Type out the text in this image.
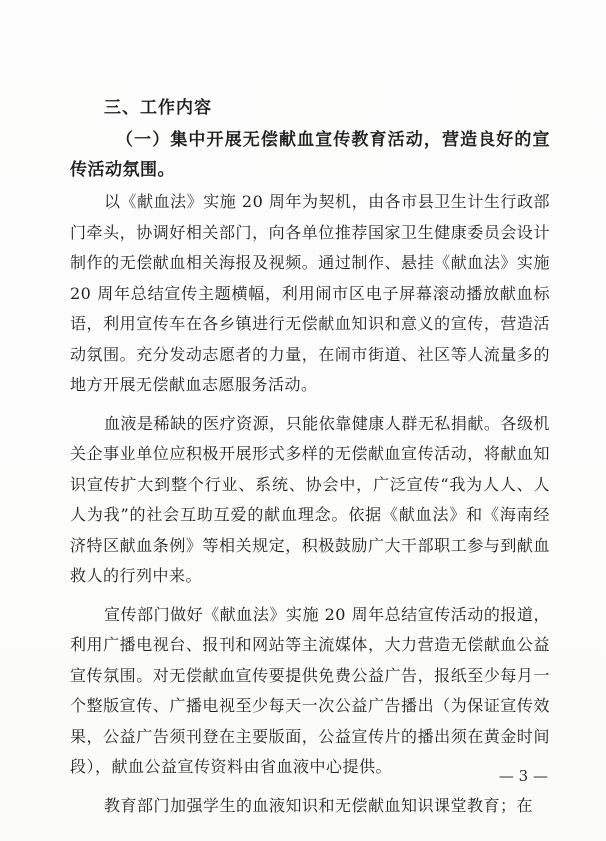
三、工作内容

（一）集中开展无偿献血宣传教育活动，营造良好的宣传活动氛围。

以《献血法》实施 20 周年为契机，由各市县卫生计生行政部门牵头，协调好相关部门，向各单位推荐国家卫生健康委员会设计制作的无偿献血相关海报及视频。通过制作、悬挂《献血法》实施 20 周年总结宣传主题横幅，利用闹市区电子屏幕滚动播放献血标语，利用宣传车在各乡镇进行无偿献血知识和意义的宣传，营造活动氛围。充分发动志愿者的力量，在闹市街道、社区等人流量多的地方开展无偿献血志愿服务活动。

血液是稀缺的医疗资源，只能依靠健康人群无私捐献。各级机关企事业单位应积极开展形式多样的无偿献血宣传活动，将献血知识宣传扩大到整个行业、系统、协会中，广泛宣传“我为人人、人人为我”的社会互助互爱的献血理念。依据《献血法》和《海南经济特区献血条例》等相关规定，积极鼓励广大干部职工参与到献血救人的行列中来。

宣传部门做好《献血法》实施 20 周年总结宣传活动的报道，利用广播电视台、报刊和网站等主流媒体，大力营造无偿献血公益宣传氛围。对无偿献血宣传要提供免费公益广告，报纸至少每月一个整版宣传、广播电视至少每天一次公益广告播出（为保证宣传效果，公益广告须刊登在主要版面，公益宣传片的播出须在黄金时间段），献血公益宣传资料由省血液中心提供。

教育部门加强学生的血液知识和无偿献血知识课堂教育；在

— 3 —
